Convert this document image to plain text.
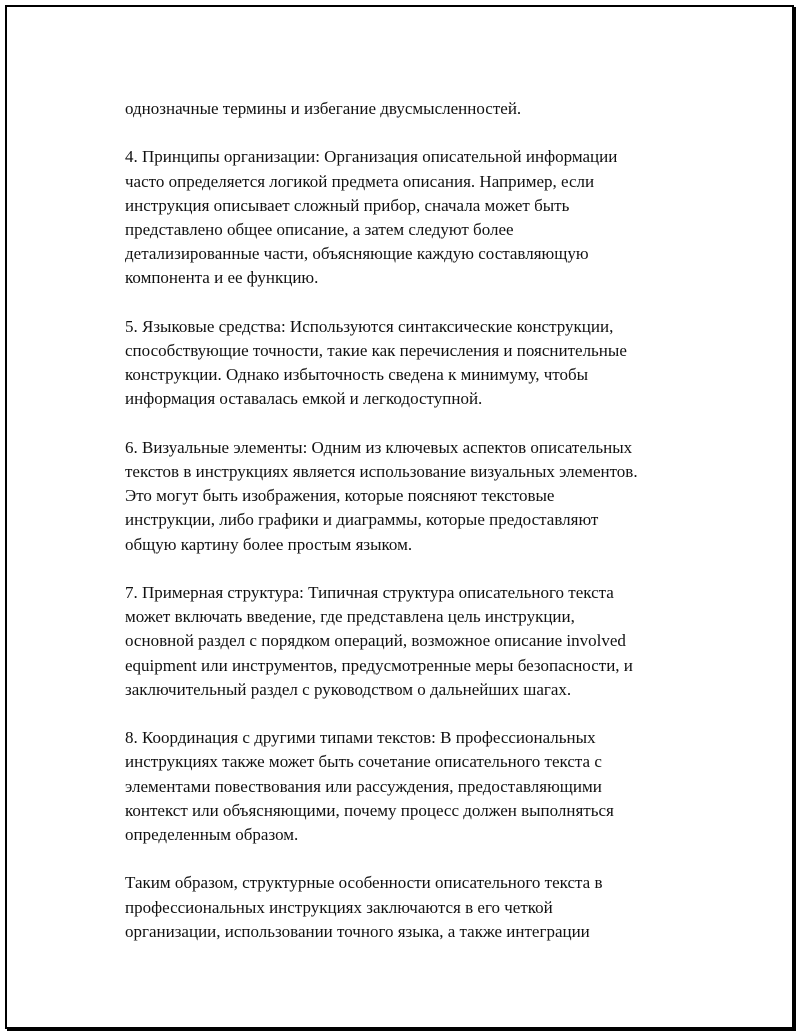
однозначные термины и избегание двусмысленностей.
4. Принципы организации: Организация описательной информации
часто определяется логикой предмета описания. Например, если
инструкция описывает сложный прибор, сначала может быть
представлено общее описание, а затем следуют более
детализированные части, объясняющие каждую составляющую
компонента и ее функцию.
5. Языковые средства: Используются синтаксические конструкции,
способствующие точности, такие как перечисления и пояснительные
конструкции. Однако избыточность сведена к минимуму, чтобы
информация оставалась емкой и легкодоступной.
6. Визуальные элементы: Одним из ключевых аспектов описательных
текстов в инструкциях является использование визуальных элементов.
Это могут быть изображения, которые поясняют текстовые
инструкции, либо графики и диаграммы, которые предоставляют
общую картину более простым языком.
7. Примерная структура: Типичная структура описательного текста
может включать введение, где представлена цель инструкции,
основной раздел с порядком операций, возможное описание involved
equipment или инструментов, предусмотренные меры безопасности, и
заключительный раздел с руководством о дальнейших шагах.
8. Координация с другими типами текстов: В профессиональных
инструкциях также может быть сочетание описательного текста с
элементами повествования или рассуждения, предоставляющими
контекст или объясняющими, почему процесс должен выполняться
определенным образом.
Таким образом, структурные особенности описательного текста в
профессиональных инструкциях заключаются в его четкой
организации, использовании точного языка, а также интеграции
